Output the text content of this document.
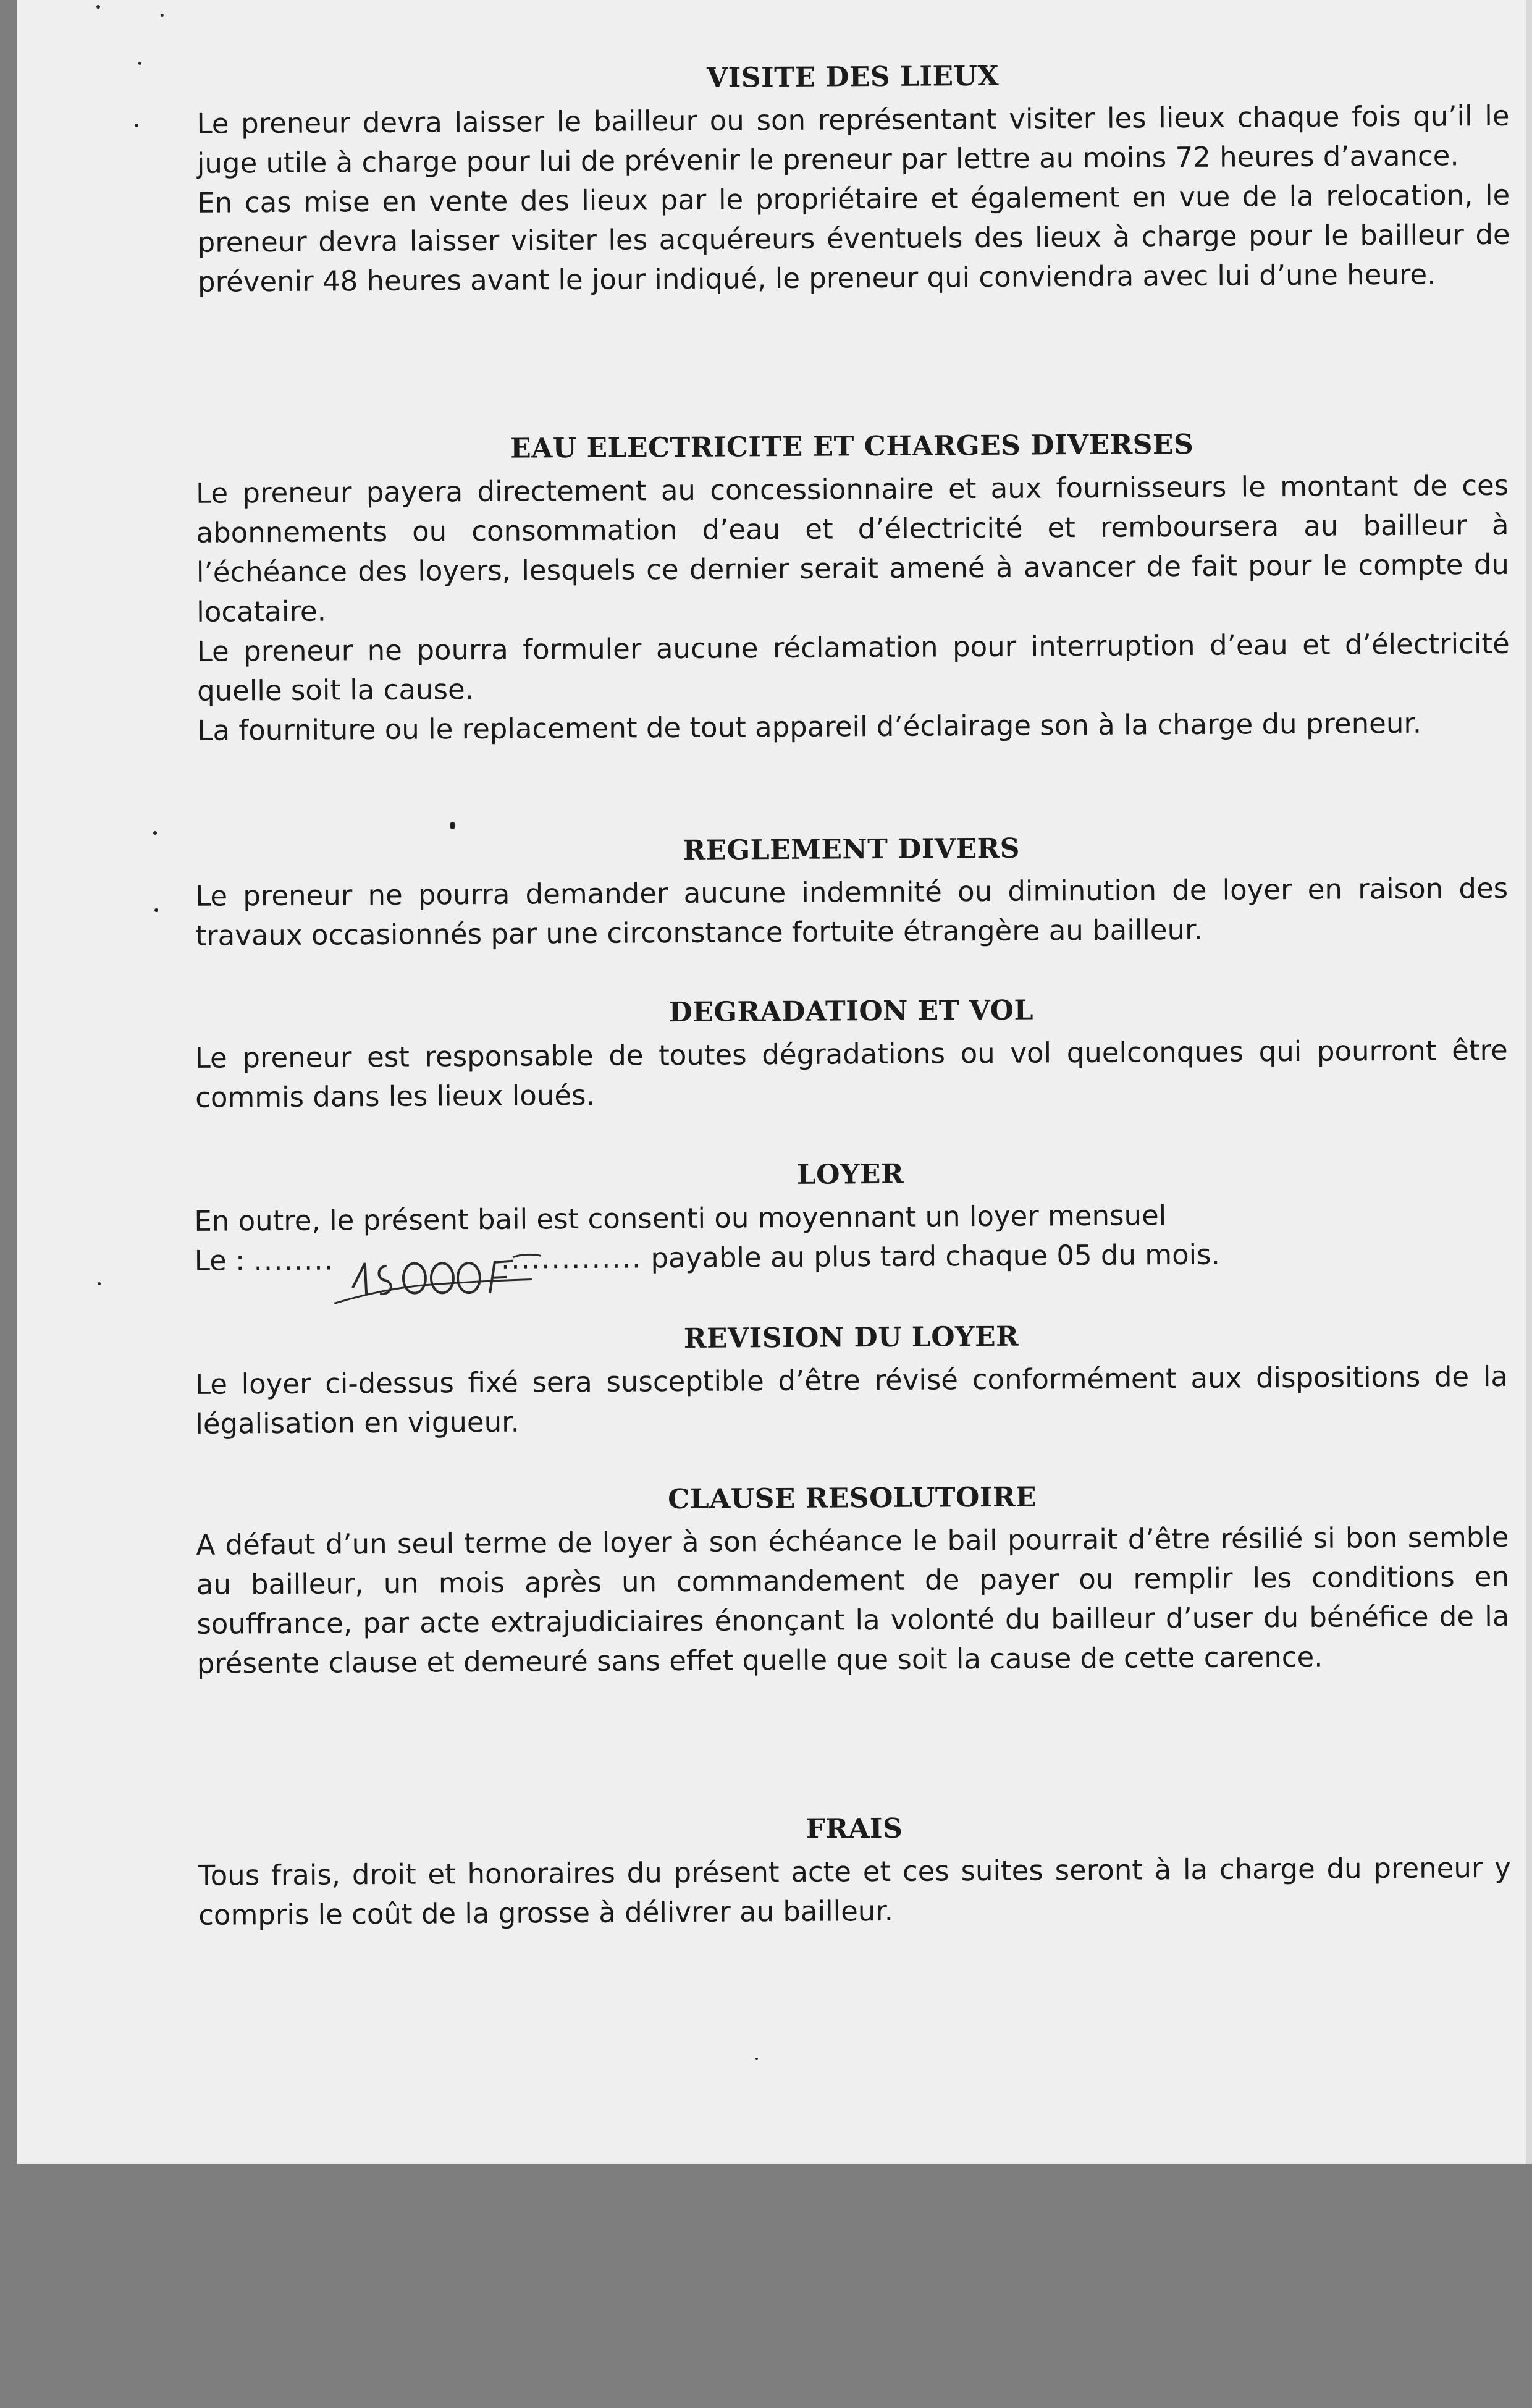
VISITE DES LIEUX

Le preneur devra laisser le bailleur ou son représentant visiter les lieux chaque fois qu’il le juge utile à charge pour lui de prévenir le preneur par lettre au moins 72 heures d’avance.

En cas mise en vente des lieux par le propriétaire et également en vue de la relocation, le preneur devra laisser visiter les acquéreurs éventuels des lieux à charge pour le bailleur de prévenir 48 heures avant le jour indiqué, le preneur qui conviendra avec lui d’une heure.

EAU ELECTRICITE ET CHARGES DIVERSES

Le preneur payera directement au concessionnaire et aux fournisseurs le montant de ces abonnements ou consommation d’eau et d’électricité et remboursera au bailleur à l’échéance des loyers, lesquels ce dernier serait amené à avancer de fait pour le compte du locataire.

Le preneur ne pourra formuler aucune réclamation pour interruption d’eau et d’électricité quelle soit la cause.

La fourniture ou le replacement de tout appareil d’éclairage son à la charge du preneur.

REGLEMENT DIVERS

Le preneur ne pourra demander aucune indemnité ou diminution de loyer en raison des travaux occasionnés par une circonstance fortuite étrangère au bailleur.

DEGRADATION ET VOL

Le preneur est responsable de toutes dégradations ou vol quelconques qui pourront être commis dans les lieux loués.

LOYER

En outre, le présent bail est consenti ou moyennant un loyer mensuel

Le : ........	.............. payable au plus tard chaque 05 du mois.

REVISION DU LOYER

Le loyer ci-dessus fixé sera susceptible d’être révisé conformément aux dispositions de la légalisation en vigueur.

CLAUSE RESOLUTOIRE

A défaut d’un seul terme de loyer à son échéance le bail pourrait d’être résilié si bon semble au bailleur, un mois après un commandement de payer ou remplir les conditions en souffrance, par acte extrajudiciaires énonçant la volonté du bailleur d’user du bénéfice de la présente clause et demeuré sans effet quelle que soit la cause de cette carence.

FRAIS

Tous frais, droit et honoraires du présent acte et ces suites seront à la charge du preneur y compris le coût de la grosse à délivrer au bailleur.
